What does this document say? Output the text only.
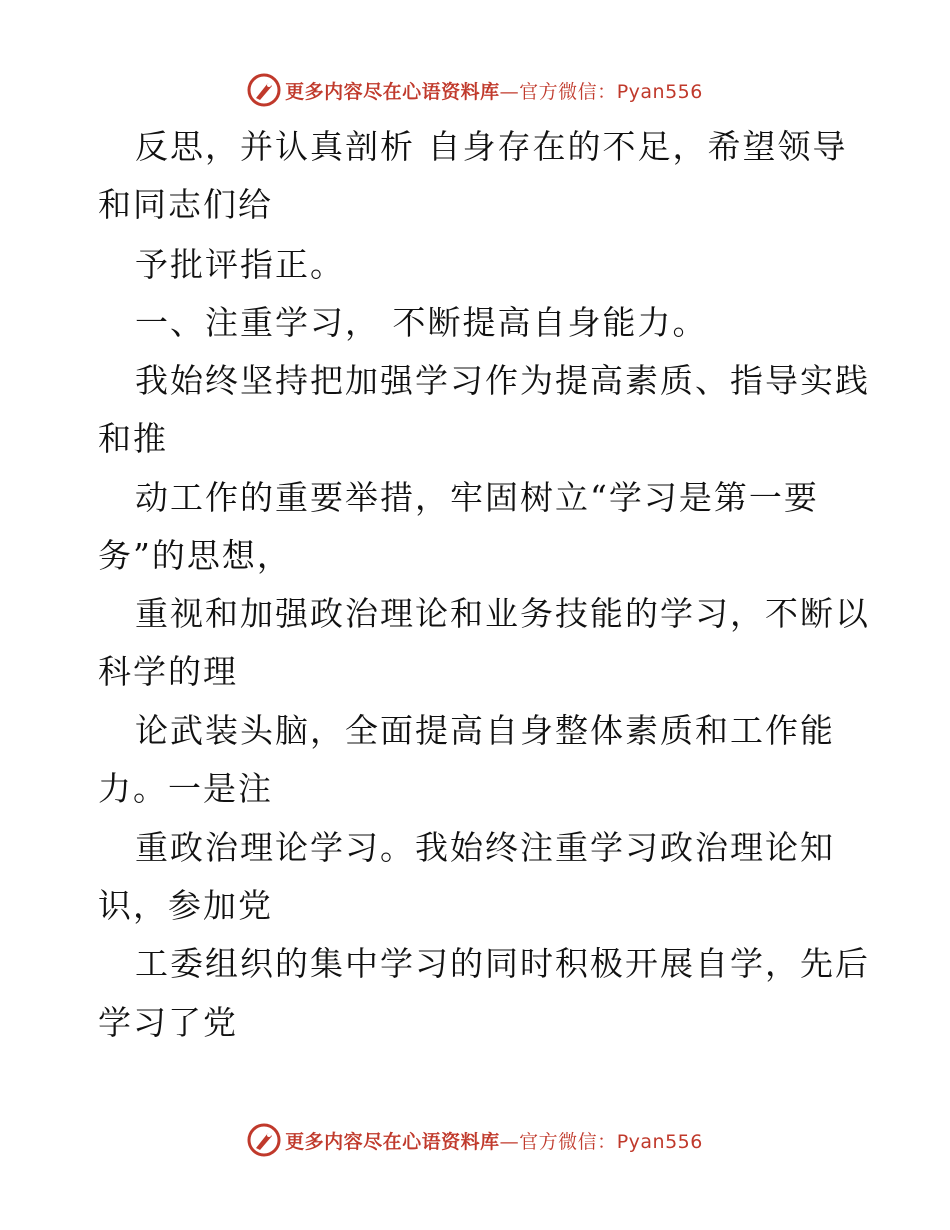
更多内容尽在心语资料库—官方微信：Pyan556
反思，并认真剖析 自身存在的不足，希望领导
和同志们给
予批评指正。
一、注重学习， 不断提高自身能力。
我始终坚持把加强学习作为提高素质、指导实践
和推
动工作的重要举措，牢固树立“学习是第一要
务”的思想，
重视和加强政治理论和业务技能的学习，不断以
科学的理
论武装头脑，全面提高自身整体素质和工作能
力。一是注
重政治理论学习。我始终注重学习政治理论知
识，参加党
工委组织的集中学习的同时积极开展自学，先后
学习了党
更多内容尽在心语资料库—官方微信：Pyan556
